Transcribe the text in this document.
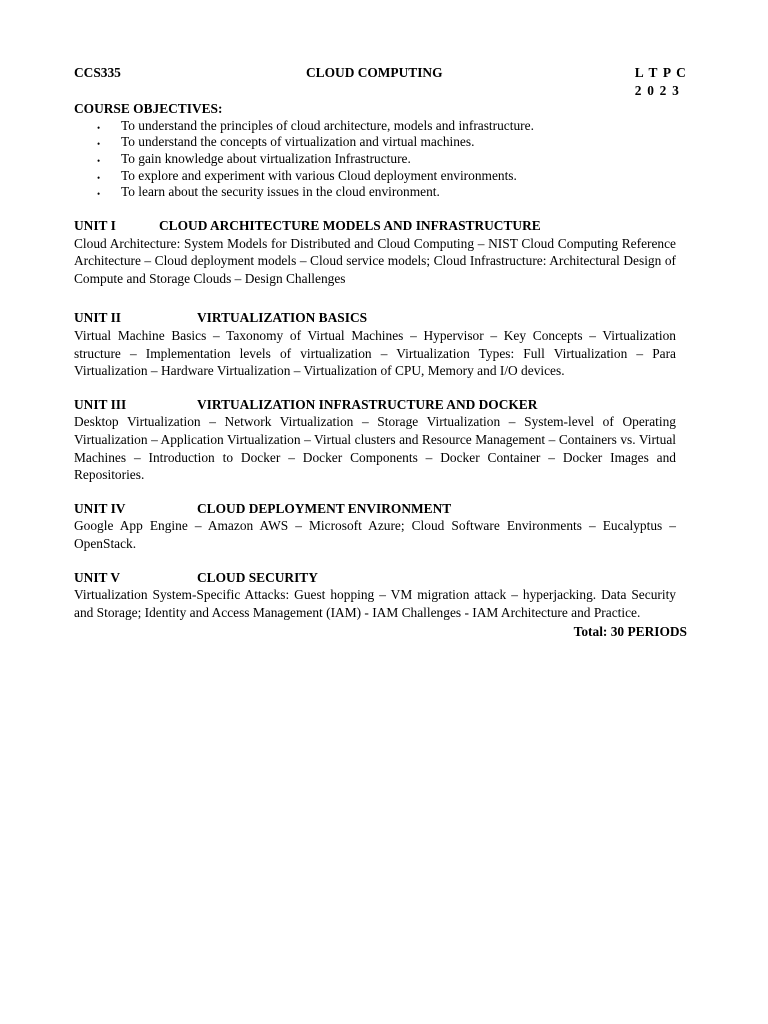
CCS335	CLOUD COMPUTING	L T P C
2 0 2 3
COURSE OBJECTIVES:
• To understand the principles of cloud architecture, models and infrastructure.
• To understand the concepts of virtualization and virtual machines.
• To gain knowledge about virtualization Infrastructure.
• To explore and experiment with various Cloud deployment environments.
• To learn about the security issues in the cloud environment.
UNIT I	CLOUD ARCHITECTURE MODELS AND INFRASTRUCTURE
Cloud Architecture: System Models for Distributed and Cloud Computing – NIST Cloud Computing Reference Architecture – Cloud deployment models – Cloud service models; Cloud Infrastructure: Architectural Design of Compute and Storage Clouds – Design Challenges
UNIT II	VIRTUALIZATION BASICS
Virtual Machine Basics – Taxonomy of Virtual Machines – Hypervisor – Key Concepts – Virtualization structure – Implementation levels of virtualization – Virtualization Types: Full Virtualization – Para Virtualization – Hardware Virtualization – Virtualization of CPU, Memory and I/O devices.
UNIT III	VIRTUALIZATION INFRASTRUCTURE AND DOCKER
Desktop Virtualization – Network Virtualization – Storage Virtualization – System-level of Operating Virtualization – Application Virtualization – Virtual clusters and Resource Management – Containers vs. Virtual Machines – Introduction to Docker – Docker Components – Docker Container – Docker Images and Repositories.
UNIT IV	CLOUD DEPLOYMENT ENVIRONMENT
Google App Engine – Amazon AWS – Microsoft Azure; Cloud Software Environments – Eucalyptus – OpenStack.
UNIT V	CLOUD SECURITY
Virtualization System-Specific Attacks: Guest hopping – VM migration attack – hyperjacking. Data Security and Storage; Identity and Access Management (IAM) - IAM Challenges - IAM Architecture and Practice.
Total: 30 PERIODS
